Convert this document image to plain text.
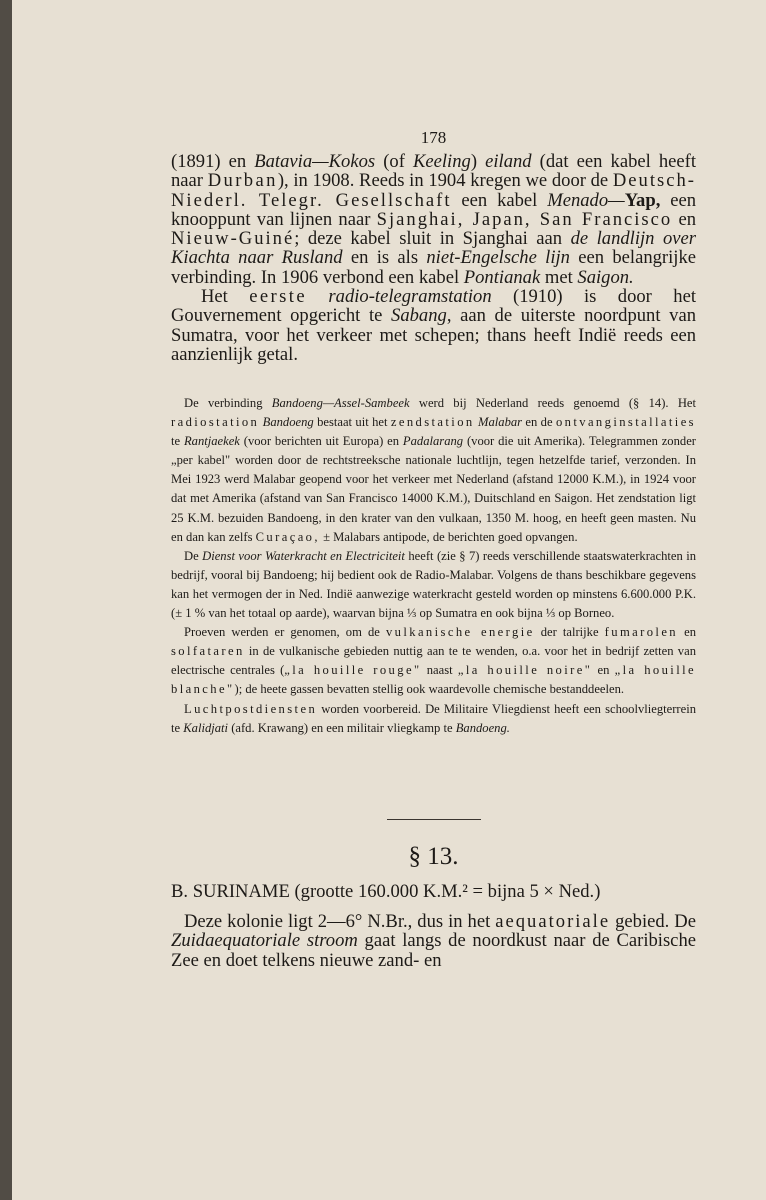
178

(1891) en Batavia—Kokos (of Keeling) eiland (dat een kabel heeft naar Durban), in 1908. Reeds in 1904 kregen we door de Deutsch-Niederl. Telegr. Gesellschaft een kabel Menado—Yap, een knooppunt van lijnen naar Sjanghai, Japan, San Francisco en Nieuw-Guiné; deze kabel sluit in Sjanghai aan de landlijn over Kiachta naar Rusland en is als niet-Engelsche lijn een belangrijke verbinding. In 1906 verbond een kabel Pontianak met Saigon.

Het eerste radio-telegramstation (1910) is door het Gouvernement opgericht te Sabang, aan de uiterste noordpunt van Sumatra, voor het verkeer met schepen; thans heeft Indië reeds een aanzienlijk getal.

De verbinding Bandoeng—Assel-Sambeek werd bij Nederland reeds genoemd (§ 14). Het radiostation Bandoeng bestaat uit het zendstation Malabar en de ontvanginstallaties te Rantjaekek (voor berichten uit Europa) en Padalarang (voor die uit Amerika). Telegrammen zonder „per kabel" worden door de rechtstreeksche nationale luchtlijn, tegen hetzelfde tarief, verzonden. In Mei 1923 werd Malabar geopend voor het verkeer met Nederland (afstand 12000 K.M.), in 1924 voor dat met Amerika (afstand van San Francisco 14000 K.M.), Duitschland en Saigon. Het zendstation ligt 25 K.M. bezuiden Bandoeng, in den krater van den vulkaan, 1350 M. hoog, en heeft geen masten. Nu en dan kan zelfs Curaçao, ± Malabars antipode, de berichten goed opvangen.

De Dienst voor Waterkracht en Electriciteit heeft (zie § 7) reeds verschillende staatswaterkrachten in bedrijf, vooral bij Bandoeng; hij bedient ook de Radio-Malabar. Volgens de thans beschikbare gegevens kan het vermogen der in Ned. Indië aanwezige waterkracht gesteld worden op minstens 6.600.000 P.K. (± 1 % van het totaal op aarde), waarvan bijna ⅓ op Sumatra en ook bijna ⅓ op Borneo.

Proeven werden er genomen, om de vulkanische energie der talrijke fumarolen en solfataren in de vulkanische gebieden nuttig aan te te wenden, o.a. voor het in bedrijf zetten van electrische centrales („la houille rouge" naast „la houille noire" en „la houille blanche"); de heete gassen bevatten stellig ook waardevolle chemische bestanddeelen.

Luchtpostdiensten worden voorbereid. De Militaire Vliegdienst heeft een schoolvliegterrein te Kalidjati (afd. Krawang) en een militair vliegkamp te Bandoeng.

§ 13.
B. SURINAME (grootte 160.000 K.M.² = bijna 5 × Ned.)

Deze kolonie ligt 2—6° N.Br., dus in het aequatoriale gebied. De Zuidaequatoriale stroom gaat langs de noordkust naar de Caribische Zee en doet telkens nieuwe zand- en
